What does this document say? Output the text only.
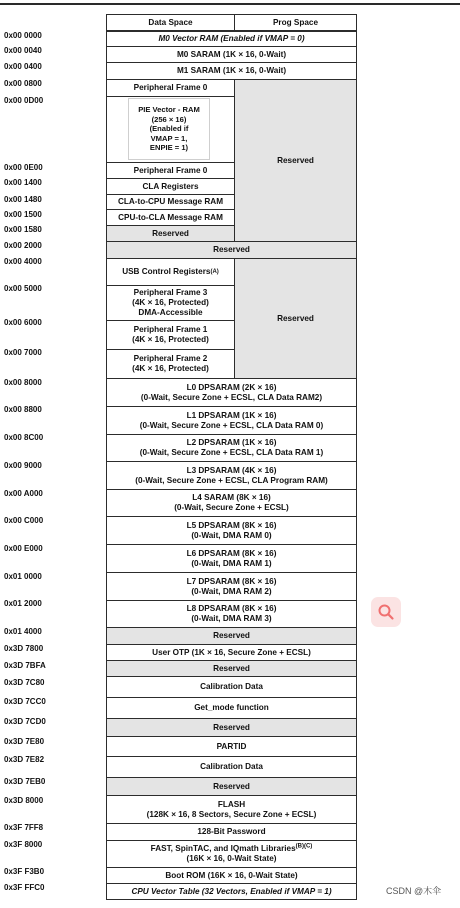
0x00 0000
0x00 0040
0x00 0400
0x00 0800
0x00 0D00
0x00 0E00
0x00 1400
0x00 1480
0x00 1500
0x00 1580
0x00 2000
0x00 4000
0x00 5000
0x00 6000
0x00 7000
0x00 8000
0x00 8800
0x00 8C00
0x00 9000
0x00 A000
0x00 C000
0x00 E000
0x01 0000
0x01 2000
0x01 4000
0x3D 7800
0x3D 7BFA
0x3D 7C80
0x3D 7CC0
0x3D 7CD0
0x3D 7E80
0x3D 7E82
0x3D 7EB0
0x3D 8000
0x3F 7FF8
0x3F 8000
0x3F F3B0
0x3F FFC0
Data Space	Prog Space
M0 Vector RAM (Enabled if VMAP = 0)
M0 SARAM (1K × 16, 0-Wait)
M1 SARAM (1K × 16, 0-Wait)
Peripheral Frame 0
PIE Vector - RAM
(256 × 16)
(Enabled if
VMAP = 1,
ENPIE = 1)
Peripheral Frame 0
CLA Registers
CLA-to-CPU Message RAM
CPU-to-CLA Message RAM
Reserved
Reserved
Reserved
USB Control Registers (A)
Peripheral Frame 3
(4K × 16, Protected)
DMA-Accessible
Peripheral Frame 1
(4K × 16, Protected)
Peripheral Frame 2
(4K × 16, Protected)
Reserved
L0 DPSARAM (2K × 16)
(0-Wait, Secure Zone + ECSL, CLA Data RAM2)
L1 DPSARAM (1K × 16)
(0-Wait, Secure Zone + ECSL, CLA Data RAM 0)
L2 DPSARAM (1K × 16)
(0-Wait, Secure Zone + ECSL, CLA Data RAM 1)
L3 DPSARAM (4K × 16)
(0-Wait, Secure Zone + ECSL, CLA Program RAM)
L4 SARAM (8K × 16)
(0-Wait, Secure Zone + ECSL)
L5 DPSARAM (8K × 16)
(0-Wait, DMA RAM 0)
L6 DPSARAM (8K × 16)
(0-Wait, DMA RAM 1)
L7 DPSARAM (8K × 16)
(0-Wait, DMA RAM 2)
L8 DPSARAM (8K × 16)
(0-Wait, DMA RAM 3)
Reserved
User OTP (1K × 16, Secure Zone + ECSL)
Reserved
Calibration Data
Get_mode function
Reserved
PARTID
Calibration Data
Reserved
FLASH
(128K × 16, 8 Sectors, Secure Zone + ECSL)
128-Bit Password
FAST, SpinTAC, and IQmath Libraries$^{(B)(C)}$
(16K × 16, 0-Wait State)
Boot ROM (16K × 16, 0-Wait State)
CPU Vector Table (32 Vectors, Enabled if VMAP = 1)	CSDN @木伞
